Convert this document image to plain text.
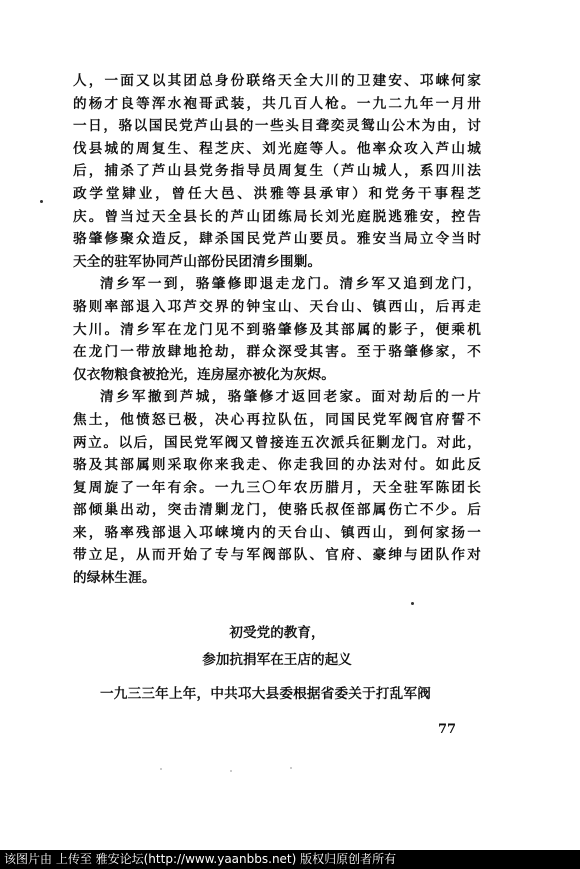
人，一面又以其团总身份联络天全大川的卫建安、邛崃何家
的杨才良等浑水袍哥武装，共几百人枪。一九二九年一月卅
一日，骆以国民党芦山县的一些头目聋奕灵鸳山公木为由，讨
伐县城的周复生、程芝庆、刘光庭等人。他率众攻入芦山城
后，捕杀了芦山县党务指导员周复生（芦山城人，系四川法
政学堂肄业，曾任大邑、洪雅等县承审）和党务干事程芝
庆。曾当过天全县长的芦山团练局长刘光庭脱逃雅安，控告
骆肇修聚众造反，肆杀国民党芦山要员。雅安当局立令当时
天全的驻军协同芦山部份民团清乡围剿。
清乡军一到，骆肇修即退走龙门。清乡军又追到龙门，
骆则率部退入邛芦交界的钟宝山、天台山、镇西山，后再走
大川。清乡军在龙门见不到骆肇修及其部属的影子，便乘机
在龙门一带放肆地抢劫，群众深受其害。至于骆肇修家，不
仅衣物粮食被抢光，连房屋亦被化为灰烬。
清乡军撤到芦城，骆肇修才返回老家。面对劫后的一片
焦土，他愤怒已极，决心再拉队伍，同国民党军阀官府誓不
两立。以后，国民党军阀又曾接连五次派兵征剿龙门。对此，
骆及其部属则采取你来我走、你走我回的办法对付。如此反
复周旋了一年有余。一九三〇年农历腊月，天全驻军陈团长
部倾巢出动，突击清剿龙门，使骆氏叔侄部属伤亡不少。后
来，骆率残部退入邛崃境内的天台山、镇西山，到何家扬一
带立足，从而开始了专与军阀部队、官府、豪绅与团队作对
的绿林生涯。
初受党的教育，
参加抗捐军在王店的起义
一九三三年上年，中共邛大县委根据省委关于打乱军阀
77
该图片由 上传至 雅安论坛(http://www.yaanbbs.net) 版权归原创者所有
